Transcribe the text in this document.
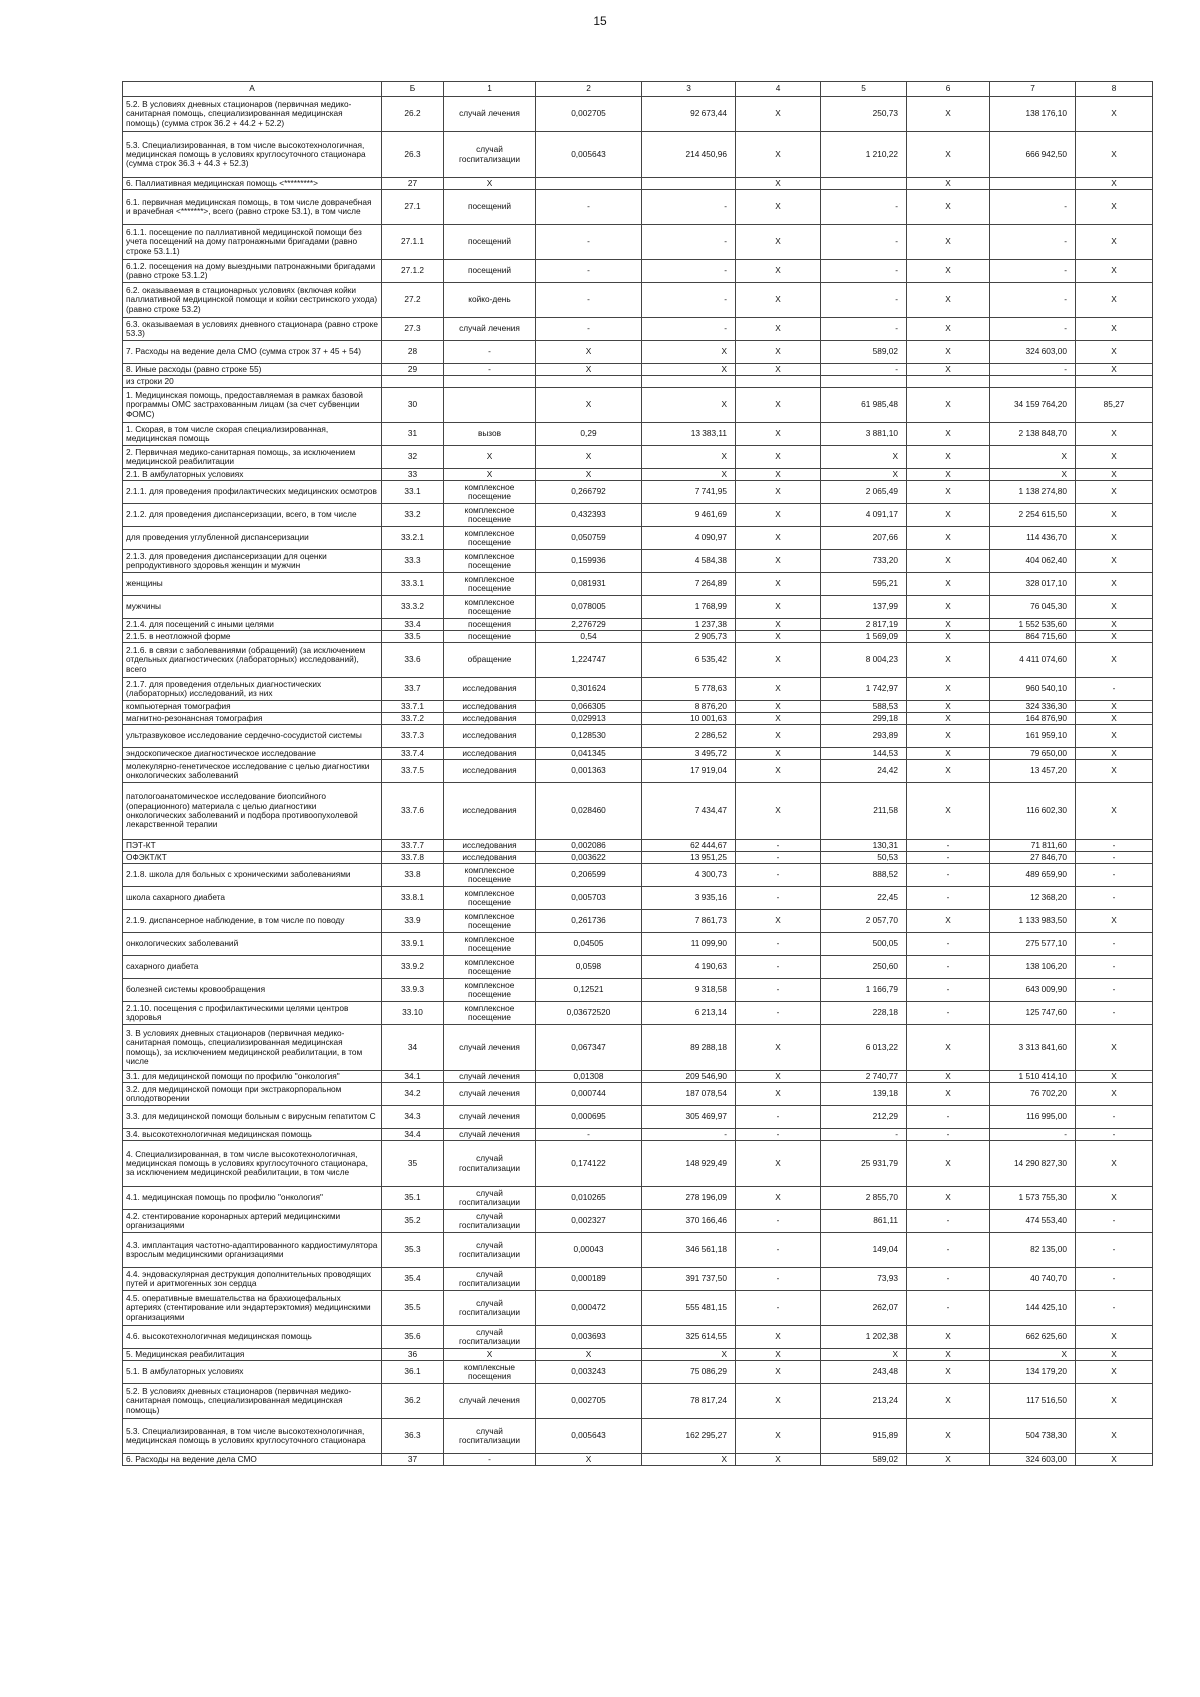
15
А	Б	1	2	3	4	5	6	7	8
5.2. В условиях дневных стационаров (первичная медико-санитарная помощь, специализированная медицинская помощь) (сумма строк 36.2 + 44.2 + 52.2)	26.2	случай лечения	0,002705	92 673,44	X	250,73	X	138 176,10	X
5.3. Специализированная, в том числе высокотехнологичная, медицинская помощь в условиях круглосуточного стационара (сумма строк 36.3 + 44.3 + 52.3)	26.3	случай госпитализации	0,005643	214 450,96	X	1 210,22	X	666 942,50	X
6. Паллиативная медицинская помощь <*********>	27	X			X		X		X
6.1. первичная медицинская помощь, в том числе доврачебная и врачебная <*******>, всего (равно строке 53.1), в том числе	27.1	посещений	-	-	X	-	X	-	X
6.1.1. посещение по паллиативной медицинской помощи без учета посещений на дому патронажными бригадами (равно строке 53.1.1)	27.1.1	посещений	-	-	X	-	X	-	X
6.1.2. посещения на дому выездными патронажными бригадами (равно строке 53.1.2)	27.1.2	посещений	-	-	X	-	X	-	X
6.2. оказываемая в стационарных условиях (включая койки паллиативной медицинской помощи и койки сестринского ухода) (равно строке 53.2)	27.2	койко-день	-	-	X	-	X	-	X
6.3. оказываемая в условиях дневного стационара (равно строке 53.3)	27.3	случай лечения	-	-	X	-	X	-	X
7. Расходы на ведение дела СМО (сумма строк 37 + 45 + 54)	28	-	X	X	X	589,02	X	324 603,00	X
8. Иные расходы (равно строке 55)	29	-	X	X	X	-	X	-	X
из строки 20									
1. Медицинская помощь, предоставляемая в рамках базовой программы ОМС застрахованным лицам (за счет субвенции ФОМС)	30		X	X	X	61 985,48	X	34 159 764,20	85,27
1. Скорая, в том числе скорая специализированная, медицинская помощь	31	вызов	0,29	13 383,11	X	3 881,10	X	2 138 848,70	X
2. Первичная медико-санитарная помощь, за исключением медицинской реабилитации	32	X	X	X	X	X	X	X	X
2.1. В амбулаторных условиях	33	X	X	X	X	X	X	X	X
2.1.1. для проведения профилактических медицинских осмотров	33.1	комплексное посещение	0,266792	7 741,95	X	2 065,49	X	1 138 274,80	X
2.1.2. для проведения диспансеризации, всего, в том числе	33.2	комплексное посещение	0,432393	9 461,69	X	4 091,17	X	2 254 615,50	X
для проведения углубленной диспансеризации	33.2.1	комплексное посещение	0,050759	4 090,97	X	207,66	X	114 436,70	X
2.1.3. для проведения диспансеризации для оценки репродуктивного здоровья женщин и мужчин	33.3	комплексное посещение	0,159936	4 584,38	X	733,20	X	404 062,40	X
женщины	33.3.1	комплексное посещение	0,081931	7 264,89	X	595,21	X	328 017,10	X
мужчины	33.3.2	комплексное посещение	0,078005	1 768,99	X	137,99	X	76 045,30	X
2.1.4. для посещений с иными целями	33.4	посещения	2,276729	1 237,38	X	2 817,19	X	1 552 535,60	X
2.1.5. в неотложной форме	33.5	посещение	0,54	2 905,73	X	1 569,09	X	864 715,60	X
2.1.6. в связи с заболеваниями (обращений) (за исключением отдельных диагностических (лабораторных) исследований), всего	33.6	обращение	1,224747	6 535,42	X	8 004,23	X	4 411 074,60	X
2.1.7. для проведения отдельных диагностических (лабораторных) исследований, из них	33.7	исследования	0,301624	5 778,63	X	1 742,97	X	960 540,10	-
компьютерная томография	33.7.1	исследования	0,066305	8 876,20	X	588,53	X	324 336,30	X
магнитно-резонансная томография	33.7.2	исследования	0,029913	10 001,63	X	299,18	X	164 876,90	X
ультразвуковое исследование сердечно-сосудистой системы	33.7.3	исследования	0,128530	2 286,52	X	293,89	X	161 959,10	X
эндоскопическое диагностическое исследование	33.7.4	исследования	0,041345	3 495,72	X	144,53	X	79 650,00	X
молекулярно-генетическое исследование с целью диагностики онкологических заболеваний	33.7.5	исследования	0,001363	17 919,04	X	24,42	X	13 457,20	X
патологоанатомическое исследование биопсийного (операционного) материала с целью диагностики онкологических заболеваний и подбора противоопухолевой лекарственной терапии	33.7.6	исследования	0,028460	7 434,47	X	211,58	X	116 602,30	X
ПЭТ-КТ	33.7.7	исследования	0,002086	62 444,67	-	130,31	-	71 811,60	-
ОФЭКТ/КТ	33.7.8	исследования	0,003622	13 951,25	-	50,53	-	27 846,70	-
2.1.8. школа для больных с хроническими заболеваниями	33.8	комплексное посещение	0,206599	4 300,73	-	888,52	-	489 659,90	-
школа сахарного диабета	33.8.1	комплексное посещение	0,005703	3 935,16	-	22,45	-	12 368,20	-
2.1.9. диспансерное наблюдение, в том числе по поводу	33.9	комплексное посещение	0,261736	7 861,73	X	2 057,70	X	1 133 983,50	X
онкологических заболеваний	33.9.1	комплексное посещение	0,04505	11 099,90	-	500,05	-	275 577,10	-
сахарного диабета	33.9.2	комплексное посещение	0,0598	4 190,63	-	250,60	-	138 106,20	-
болезней системы кровообращения	33.9.3	комплексное посещение	0,12521	9 318,58	-	1 166,79	-	643 009,90	-
2.1.10. посещения с профилактическими целями центров здоровья	33.10	комплексное посещение	0,03672520	6 213,14	-	228,18	-	125 747,60	-
3. В условиях дневных стационаров (первичная медико-санитарная помощь, специализированная медицинская помощь), за исключением медицинской реабилитации, в том числе	34	случай лечения	0,067347	89 288,18	X	6 013,22	X	3 313 841,60	X
3.1. для медицинской помощи по профилю "онкология"	34.1	случай лечения	0,01308	209 546,90	X	2 740,77	X	1 510 414,10	X
3.2. для медицинской помощи при экстракорпоральном оплодотворении	34.2	случай лечения	0,000744	187 078,54	X	139,18	X	76 702,20	X
3.3. для медицинской помощи больным с вирусным гепатитом С	34.3	случай лечения	0,000695	305 469,97	-	212,29	-	116 995,00	-
3.4. высокотехнологичная медицинская помощь	34.4	случай лечения	-	-	-	-	-	-	-
4. Специализированная, в том числе высокотехнологичная, медицинская помощь в условиях круглосуточного стационара, за исключением медицинской реабилитации, в том числе	35	случай госпитализации	0,174122	148 929,49	X	25 931,79	X	14 290 827,30	X
4.1. медицинская помощь по профилю "онкология"	35.1	случай госпитализации	0,010265	278 196,09	X	2 855,70	X	1 573 755,30	X
4.2. стентирование коронарных артерий медицинскими организациями	35.2	случай госпитализации	0,002327	370 166,46	-	861,11	-	474 553,40	-
4.3. имплантация частотно-адаптированного кардиостимулятора взрослым медицинскими организациями	35.3	случай госпитализации	0,00043	346 561,18	-	149,04	-	82 135,00	-
4.4. эндоваскулярная деструкция дополнительных проводящих путей и аритмогенных зон сердца	35.4	случай госпитализации	0,000189	391 737,50	-	73,93	-	40 740,70	-
4.5. оперативные вмешательства на брахиоцефальных артериях (стентирование или эндартерэктомия) медицинскими организациями	35.5	случай госпитализации	0,000472	555 481,15	-	262,07	-	144 425,10	-
4.6. высокотехнологичная медицинская помощь	35.6	случай госпитализации	0,003693	325 614,55	X	1 202,38	X	662 625,60	X
5. Медицинская реабилитация	36	X	X	X	X	X	X	X	X
5.1. В амбулаторных условиях	36.1	комплексные посещения	0,003243	75 086,29	X	243,48	X	134 179,20	X
5.2. В условиях дневных стационаров (первичная медико-санитарная помощь, специализированная медицинская помощь)	36.2	случай лечения	0,002705	78 817,24	X	213,24	X	117 516,50	X
5.3. Специализированная, в том числе высокотехнологичная, медицинская помощь в условиях круглосуточного стационара	36.3	случай госпитализации	0,005643	162 295,27	X	915,89	X	504 738,30	X
6. Расходы на ведение дела СМО	37	-	X	X	X	589,02	X	324 603,00	X
